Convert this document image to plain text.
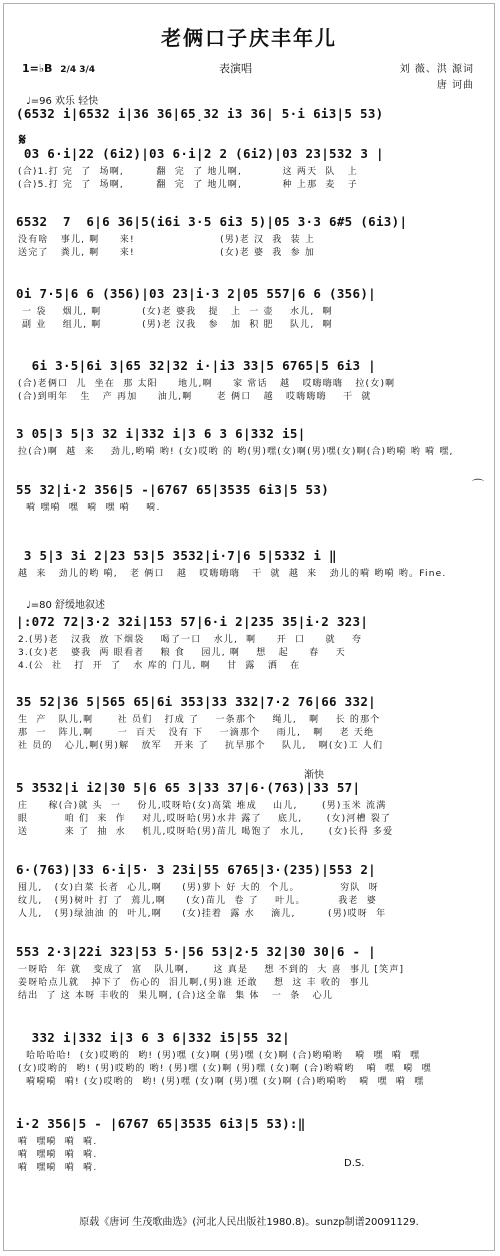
老俩口子庆丰年儿
1=♭B 2/4 3/4	表演唱	刘 薇、洪 源词
唐 诃曲
♩=96 欢乐 轻快
(6532 i|6532 i|36 36|65̣32 i3 36| 5·i 6i3|5 53)
𝄋
03 6·i|22 (6i2)|03 6·i|2 2 (6i2)|03 23|532 3 |
(合)1.打 完  了  场啊,        翻  完  了 地儿啊,          这 两天  队   上
(合)5.打 完  了  场啊,        翻  完  了 地儿啊,          种 上那  麦   子
6532  7  6|6 36|5(i6i 3·5 6i3 5)|05 3·3 6#5 (6i3)|
没有啥   事儿, 啊     来!                     (男)老 汉  我  装 上
送完了   粪儿, 啊     来!                     (女)老 婆  我  参 加
0i 7·5|6 6 (356)|03 23|i·3 2|05 557|6 6 (356)|
一 袋    烟儿, 啊          (女)老 婆我   提   上  一 壶    水儿,  啊
副 业    组儿, 啊          (男)老 汉我   参   加  积 肥    队儿,  啊
6i 3·5|6i 3|65 32|32 i·|i3 33|5 6765|5 6i3 |
(合)老俩口  儿  坐在  那 太阳     地儿,啊     家 常话   越   哎嗨嗨嗨   拉(女)啊
(合)到明年   生   产 再加     油儿,啊      老 俩口   越   哎嗨嗨嗨    干  就
3 05|3 5|3 32 i|332 i|3 6 3 6|332 i5|
拉(合)啊  越  来    劲儿,哟嗬 哟! (女)哎哟 的 哟(男)嘿(女)啊(男)嘿(女)啊(合)哟嗬 哟 嗬 嘿,
⌒
55 32|i·2 356|5 -|6767 65|3535 6i3|5 53)
嗬 嘿嗬  嘿  嗬  嘿 嗬    嗬.
3 5|3 3i 2|23 53|5 3532|i·7|6 5|5332 i ‖
越  来   劲儿的哟 嗬,   老 俩口   越   哎嗨嗨嗨   干  就  越  来   劲儿的嗬 哟嗬 哟。Fine.
♩=80 舒缓地叙述
|:072 72|3·2 32i|153 57|6·i 2|235 35|i·2 323|
2.(男)老   汉我  放 下烟袋    喝了一口   水儿,  啊     开  口     就    夸
3.(女)老   婆我  两 眼看者    粮 食    园儿, 啊    想   起     春    天
4.(公  社   打  开  了   水 库的 门儿, 啊    甘  露   洒   在
35 52|36 5|565 65|6i 353|33 332|7·2 76|66 332|
生  产   队儿,啊      社 员们   打成 了    一条那个    绳儿,   啊    长 的那个
那  一   阵儿,啊      一  百天   没有 下    一滴那个    雨儿,   啊    老 天绝
社 员的   心儿,啊(男)解   放军   开来 了    抗旱那个    队儿,   啊(女)工 人们
渐快
5 3532|i i2|30 5|6 65 3|33 37|6·(763)|33 57|
庄     稼(合)就 头  一    份儿,哎呀哈(女)高粱 堆成    山儿,      (男)玉米 流满
眼         咱 们  来  作    对儿,哎呀哈(男)水井 露了    底儿,      (女)河槽 裂了
送         来 了  抽  水    机儿,哎呀哈(男)苗儿 喝饱了  水儿,      (女)长得 多爱
6·(763)|33 6·i|5· 3 23i|55 6765|3·(235)|553 2|
囤儿,   (女)白菜 长者  心儿,啊     (男)萝卜 好 大的  个儿。          穷队  呀
纹儿,   (男)树叶 打 了  蔫儿,啊     (女)苗儿  卷 了    叶儿。        我老  婆
人儿,   (男)绿油油 的  叶儿,啊     (女)挂着  露 水    滴儿,        (男)哎呀  年
553 2·3|22i 323|53 5·|56 53|2·5 32|30 30|6 - |
一呀哈  年 就   变成了  富   队儿啊,      这 真是    想 不到的  大 喜  事儿 [笑声]
姜呀哈点儿就   掉下了  伤心的  泪儿啊,(男)谁 还敢    想  这 丰 收的  事儿
结出  了 这 本呀 丰收的  果儿啊, (合)这全靠  集 体   一  条   心儿
332 i|332 i|3 6 3 6|332 i5|55 32|
哈哈哈哈!  (女)哎哟的  哟! (男)嘿 (女)啊 (男)嘿 (女)啊 (合)哟嗬哟   嗬  嘿  嗬  嘿
(女)哎哟的  哟! (男)哎哟的 哟! (男)嘿 (女)啊 (男)嘿 (女)啊 (合)哟嗬哟   嗬  嘿  嗬  嘿
嗬嗬嗬  嗬! (女)哎哟的  哟! (男)嘿 (女)啊 (男)嘿 (女)啊 (合)哟嗬哟   嗬  嘿  嗬  嘿
i·2 356|5 - |6767 65|3535 6i3|5 53):‖
嗬  嘿嗬  嗬  嗬.
嗬  嘿嗬  嗬  嗬.
嗬  嘿嗬  嗬  嗬.	D.S.
原载《唐诃 生茂歌曲选》(河北人民出版社1980.8)。sunzp制谱20091129.
